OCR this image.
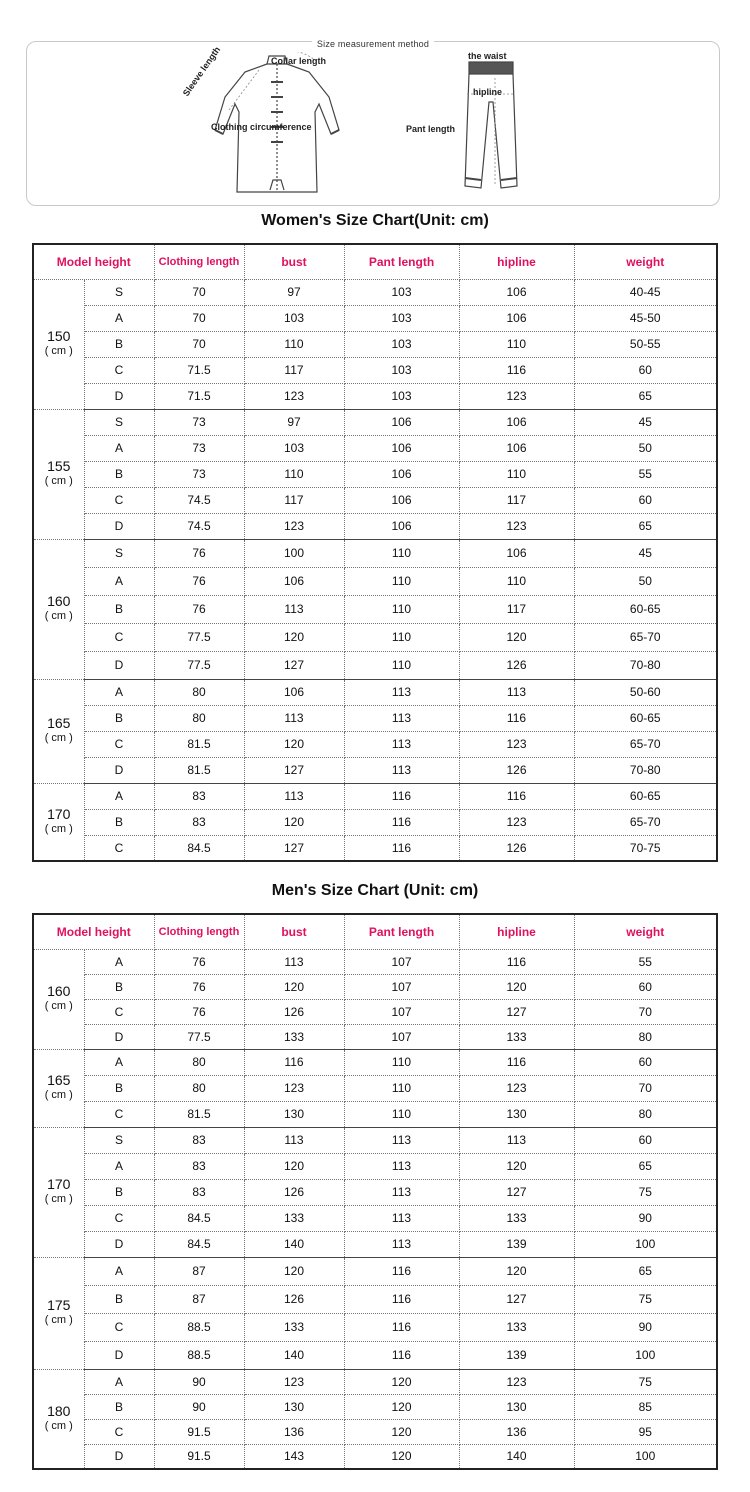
Size measurement method
Sleeve length	Collar length
Clothing circumference
the waist
hipline
Pant length
Women's Size Chart(Unit: cm)
Model height		Clothing length	bust	Pant length	hipline	weight

150
( cm )	S	70	97	103	106	40-45
	A	70	103	103	106	45-50
	B	70	110	103	110	50-55
	C	71.5	117	103	116	60
	D	71.5	123	103	123	65

155
( cm )	S	73	97	106	106	45
	A	73	103	106	106	50
	B	73	110	106	110	55
	C	74.5	117	106	117	60
	D	74.5	123	106	123	65

160
( cm )	S	76	100	110	106	45
	A	76	106	110	110	50
	B	76	113	110	117	60-65
	C	77.5	120	110	120	65-70
	D	77.5	127	110	126	70-80

165
( cm )	A	80	106	113	113	50-60
	B	80	113	113	116	60-65
	C	81.5	120	113	123	65-70
	D	81.5	127	113	126	70-80

170
( cm )	A	83	113	116	116	60-65
	B	83	120	116	123	65-70
	C	84.5	127	116	126	70-75
Men's Size Chart (Unit: cm)
Model height		Clothing length	bust	Pant length	hipline	weight

160
( cm )	A	76	113	107	116	55
	B	76	120	107	120	60
	C	76	126	107	127	70
	D	77.5	133	107	133	80

165
( cm )	A	80	116	110	116	60
	B	80	123	110	123	70
	C	81.5	130	110	130	80

170
( cm )	S	83	113	113	113	60
	A	83	120	113	120	65
	B	83	126	113	127	75
	C	84.5	133	113	133	90
	D	84.5	140	113	139	100

175
( cm )	A	87	120	116	120	65
	B	87	126	116	127	75
	C	88.5	133	116	133	90
	D	88.5	140	116	139	100

180
( cm )	A	90	123	120	123	75
	B	90	130	120	130	85
	C	91.5	136	120	136	95
	D	91.5	143	120	140	100
